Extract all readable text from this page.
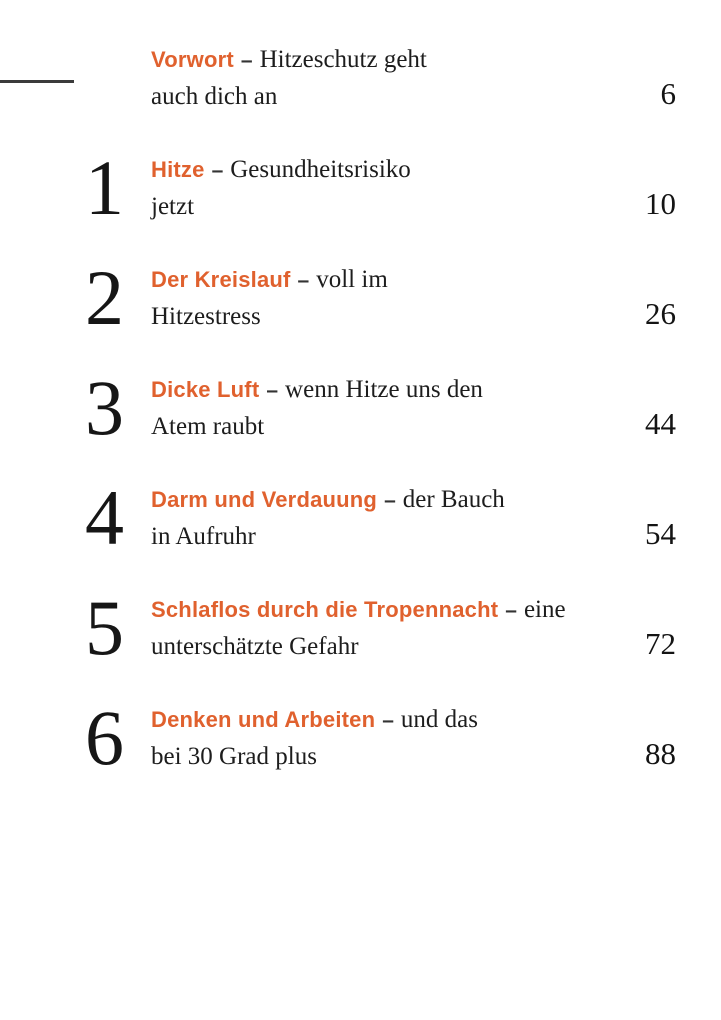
Vorwort – Hitzeschutz geht
auch dich an	6
1	Hitze – Gesundheitsrisiko
jetzt	10
2	Der Kreislauf – voll im
Hitzestress	26
3	Dicke Luft – wenn Hitze uns den
Atem raubt	44
4	Darm und Verdauung – der Bauch
in Aufruhr	54
5	Schlaflos durch die Tropennacht – eine
unterschätzte Gefahr	72
6	Denken und Arbeiten – und das
bei 30 Grad plus	88
